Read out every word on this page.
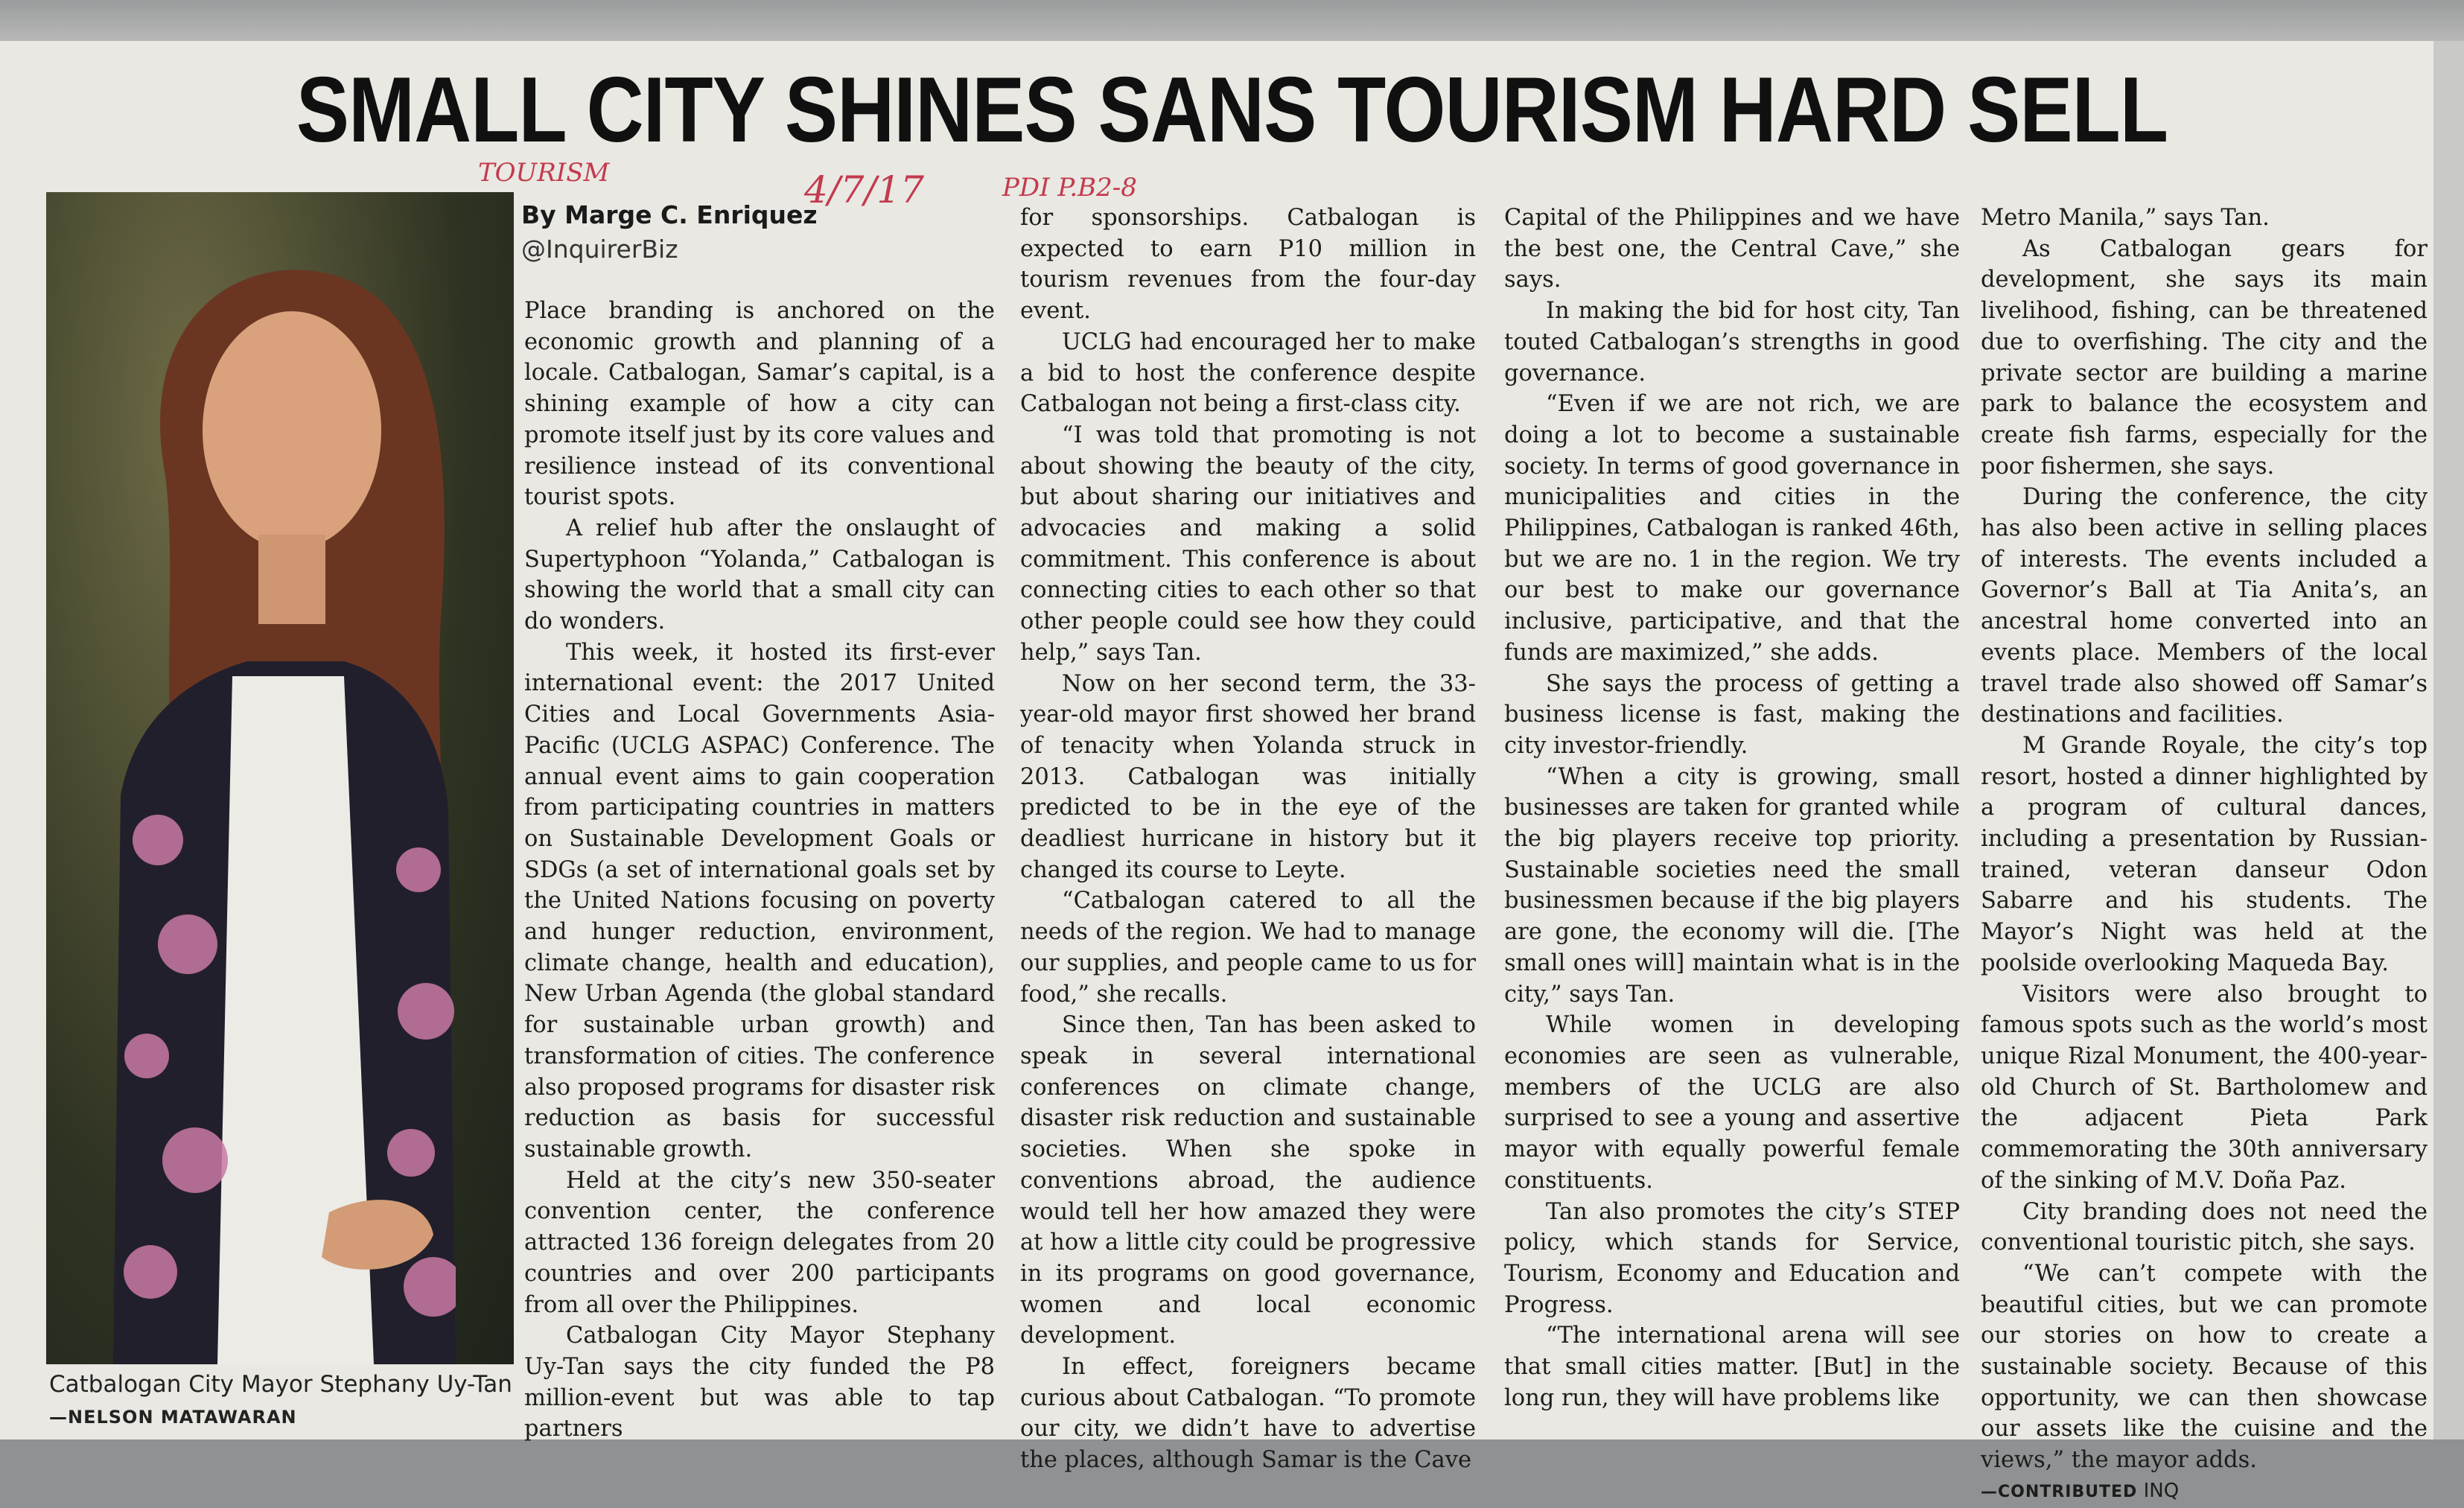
SMALL CITY SHINES SANS TOURISM HARD SELL
TOURISM	4/7/17	PDI P.B2-8
Catbalogan City Mayor Stephany Uy-Tan —NELSON MATAWARAN
By Marge C. Enriquez
@InquirerBiz

Place branding is anchored on the economic growth and planning of a locale. Catbalogan, Samar’s capital, is a shining example of how a city can promote itself just by its core values and resilience instead of its conventional tourist spots.

A relief hub after the onslaught of Supertyphoon “Yolanda,” Catbalogan is showing the world that a small city can do wonders.

This week, it hosted its first-ever international event: the 2017 United Cities and Local Governments Asia-Pacific (UCLG ASPAC) Conference. The annual event aims to gain cooperation from participating countries in matters on Sustainable Development Goals or SDGs (a set of international goals set by the United Nations focusing on poverty and hunger reduction, environment, climate change, health and education), New Urban Agenda (the global standard for sustainable urban growth) and transformation of cities. The conference also proposed programs for disaster risk reduction as basis for successful sustainable growth.

Held at the city’s new 350-seater convention center, the conference attracted 136 foreign delegates from 20 countries and over 200 participants from all over the Philippines.

Catbalogan City Mayor Stephany Uy-Tan says the city funded the P8 million-event but was able to tap partners

for sponsorships. Catbalogan is expected to earn P10 million in tourism revenues from the four-day event.

UCLG had encouraged her to make a bid to host the conference despite Catbalogan not being a first-class city.

“I was told that promoting is not about showing the beauty of the city, but about sharing our initiatives and advocacies and making a solid commitment. This conference is about connecting cities to each other so that other people could see how they could help,” says Tan.

Now on her second term, the 33-year-old mayor first showed her brand of tenacity when Yolanda struck in 2013. Catbalogan was initially predicted to be in the eye of the deadliest hurricane in history but it changed its course to Leyte.

“Catbalogan catered to all the needs of the region. We had to manage our supplies, and people came to us for food,” she recalls.

Since then, Tan has been asked to speak in several international conferences on climate change, disaster risk reduction and sustainable societies. When she spoke in conventions abroad, the audience would tell her how amazed they were at how a little city could be progressive in its programs on good governance, women and local economic development.

In effect, foreigners became curious about Catbalogan. “To promote our city, we didn’t have to advertise the places, although Samar is the Cave

Capital of the Philippines and we have the best one, the Central Cave,” she says.

In making the bid for host city, Tan touted Catbalogan’s strengths in good governance.

“Even if we are not rich, we are doing a lot to become a sustainable society. In terms of good governance in municipalities and cities in the Philippines, Catbalogan is ranked 46th, but we are no. 1 in the region. We try our best to make our governance inclusive, participative, and that the funds are maximized,” she adds.

She says the process of getting a business license is fast, making the city investor-friendly.

“When a city is growing, small businesses are taken for granted while the big players receive top priority. Sustainable societies need the small businessmen because if the big players are gone, the economy will die. [The small ones will] maintain what is in the city,” says Tan.

While women in developing economies are seen as vulnerable, members of the UCLG are also surprised to see a young and assertive mayor with equally powerful female constituents.

Tan also promotes the city’s STEP policy, which stands for Service, Tourism, Economy and Education and Progress.

“The international arena will see that small cities matter. [But] in the long run, they will have problems like

Metro Manila,” says Tan.

As Catbalogan gears for development, she says its main livelihood, fishing, can be threatened due to overfishing. The city and the private sector are building a marine park to balance the ecosystem and create fish farms, especially for the poor fishermen, she says.

During the conference, the city has also been active in selling places of interests. The events included a Governor’s Ball at Tia Anita’s, an ancestral home converted into an events place. Members of the local travel trade also showed off Samar’s destinations and facilities.

M Grande Royale, the city’s top resort, hosted a dinner highlighted by a program of cultural dances, including a presentation by Russian-trained, veteran danseur Odon Sabarre and his students. The Mayor’s Night was held at the poolside overlooking Maqueda Bay.

Visitors were also brought to famous spots such as the world’s most unique Rizal Monument, the 400-year-old Church of St. Bartholomew and the adjacent Pieta Park commemorating the 30th anniversary of the sinking of M.V. Doña Paz.

City branding does not need the conventional touristic pitch, she says.

“We can’t compete with the beautiful cities, but we can promote our stories on how to create a sustainable society. Because of this opportunity, we can then showcase our assets like the cuisine and the views,” the mayor adds.

—CONTRIBUTED INQ
